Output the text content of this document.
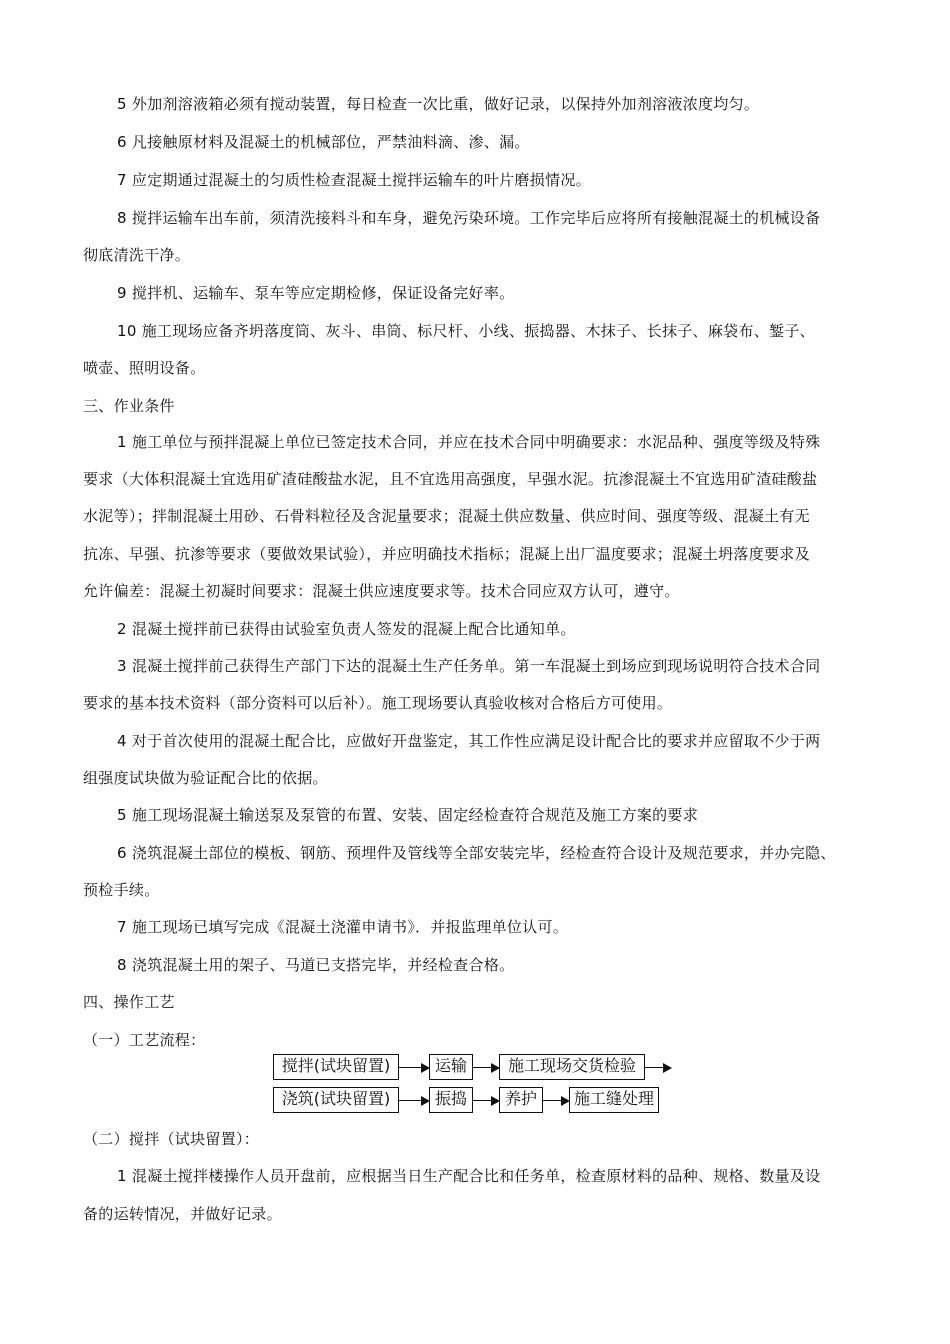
5 外加剂溶液箱必须有搅动装置，每日检查一次比重，做好记录，以保持外加剂溶液浓度均匀。
6 凡接触原材料及混凝土的机械部位，严禁油料滴、渗、漏。
7 应定期通过混凝土的匀质性检查混凝土搅拌运输车的叶片磨损情况。
8 搅拌运输车出车前，须清洗接料斗和车身，避免污染环境。工作完毕后应将所有接触混凝土的机械设备
彻底清洗干净。
9 搅拌机、运输车、泵车等应定期检修，保证设备完好率。
10 施工现场应备齐坍落度筒、灰斗、串筒、标尺杆、小线、振捣器、木抹子、长抹子、麻袋布、錾子、
喷壶、照明设备。
三、作业条件
1 施工单位与预拌混凝上单位已签定技术合同，并应在技术合同中明确要求：水泥品种、强度等级及特殊
要求（大体积混凝土宜选用矿渣硅酸盐水泥，且不宜选用高强度，早强水泥。抗渗混凝土不宜选用矿渣硅酸盐
水泥等）；拌制混凝土用砂、石骨料粒径及含泥量要求；混凝土供应数量、供应时间、强度等级、混凝土有无
抗冻、早强、抗渗等要求（要做效果试验），并应明确技术指标；混凝上出厂温度要求；混凝土坍落度要求及
允许偏差：混凝土初凝时间要求：混凝土供应速度要求等。技术合同应双方认可，遵守。
2 混凝土搅拌前已获得由试验室负责人签发的混凝上配合比通知单。
3 混凝土搅拌前己获得生产部门下达的混凝土生产任务单。第一车混凝土到场应到现场说明符合技术合同
要求的基本技术资料（部分资料可以后补）。施工现场要认真验收核对合格后方可使用。
4 对于首次使用的混凝土配合比，应做好开盘鉴定，其工作性应满足设计配合比的要求并应留取不少于两
组强度试块做为验证配合比的依据。
5 施工现场混凝土输送泵及泵管的布置、安装、固定经检查符合规范及施工方案的要求
6 浇筑混凝土部位的模板、钢筋、预埋件及管线等全部安装完毕，经检查符合设计及规范要求，并办完隐、
预检手续。
7 施工现场已填写完成《混凝土浇灌申请书》．并报监理单位认可。
8 浇筑混凝土用的架子、马道已支搭完毕，并经检查合格。
四、操作工艺
（一）工艺流程：
搅拌(试块留置)	运输	施工现场交货检验
浇筑(试块留置)	振捣	养护	施工缝处理
（二）搅拌（试块留置）：
1 混凝土搅拌楼操作人员开盘前，应根据当日生产配合比和任务单，检查原材料的品种、规格、数量及设
备的运转情况，并做好记录。
